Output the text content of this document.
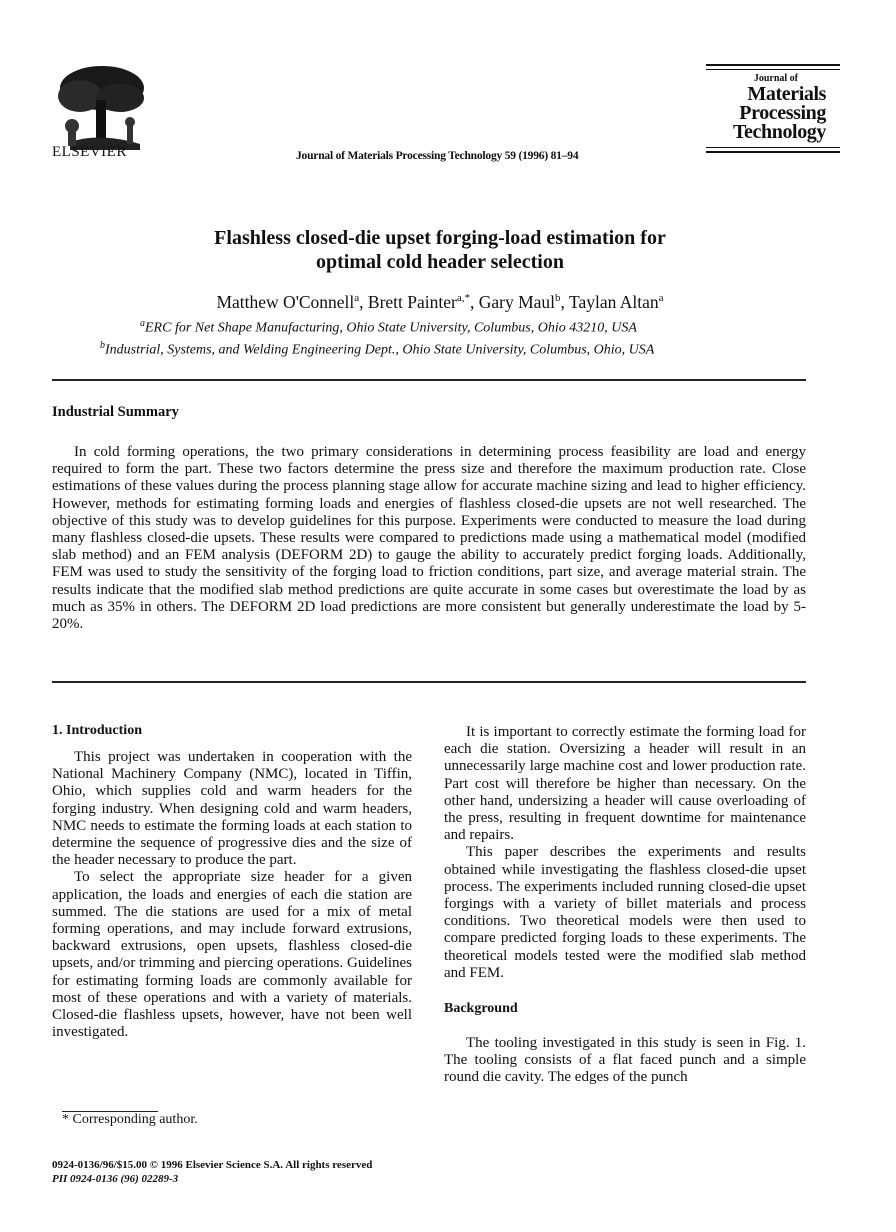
ELSEVIER	Journal of Materials Processing Technology 59 (1996) 81–94
Journal of
Materials
Processing
Technology
Flashless closed-die upset forging-load estimation for
optimal cold header selection
Matthew O'Connell$^a$, Brett Painter$^{a,*}$, Gary Maul$^b$, Taylan Altan$^a$
$^a$ERC for Net Shape Manufacturing, Ohio State University, Columbus, Ohio 43210, USA
$^b$Industrial, Systems, and Welding Engineering Dept., Ohio State University, Columbus, Ohio, USA
Industrial Summary
In cold forming operations, the two primary considerations in determining process feasibility are load and energy required to form the part. These two factors determine the press size and therefore the maximum production rate. Close estimations of these values during the process planning stage allow for accurate machine sizing and lead to higher efficiency. However, methods for estimating forming loads and energies of flashless closed-die upsets are not well researched. The objective of this study was to develop guidelines for this purpose. Experiments were conducted to measure the load during many flashless closed-die upsets. These results were compared to predictions made using a mathematical model (modified slab method) and an FEM analysis (DEFORM 2D) to gauge the ability to accurately predict forging loads. Additionally, FEM was used to study the sensitivity of the forging load to friction conditions, part size, and average material strain. The results indicate that the modified slab method predictions are quite accurate in some cases but overestimate the load by as much as 35% in others. The DEFORM 2D load predictions are more consistent but generally underestimate the load by 5-20%.
1. Introduction

This project was undertaken in cooperation with the National Machinery Company (NMC), located in Tiffin, Ohio, which supplies cold and warm headers for the forging industry. When designing cold and warm headers, NMC needs to estimate the forming loads at each station to determine the sequence of progressive dies and the size of the header necessary to produce the part.

To select the appropriate size header for a given application, the loads and energies of each die station are summed. The die stations are used for a mix of metal forming operations, and may include forward extrusions, backward extrusions, open upsets, flashless closed-die upsets, and/or trimming and piercing operations. Guidelines for estimating forming loads are commonly available for most of these operations and with a variety of materials. Closed-die flashless upsets, however, have not been well investigated.

* Corresponding author.
0924-0136/96/$15.00 © 1996 Elsevier Science S.A. All rights reserved
PII 0924-0136 (96) 02289-3

It is important to correctly estimate the forming load for each die station. Oversizing a header will result in an unnecessarily large machine cost and lower production rate. Part cost will therefore be higher than necessary. On the other hand, undersizing a header will cause overloading of the press, resulting in frequent downtime for maintenance and repairs.

This paper describes the experiments and results obtained while investigating the flashless closed-die upset process. The experiments included running closed-die upset forgings with a variety of billet materials and process conditions. Two theoretical models were then used to compare predicted forging loads to these experiments. The theoretical models tested were the modified slab method and FEM.

Background

The tooling investigated in this study is seen in Fig. 1. The tooling consists of a flat faced punch and a simple round die cavity. The edges of the punch
